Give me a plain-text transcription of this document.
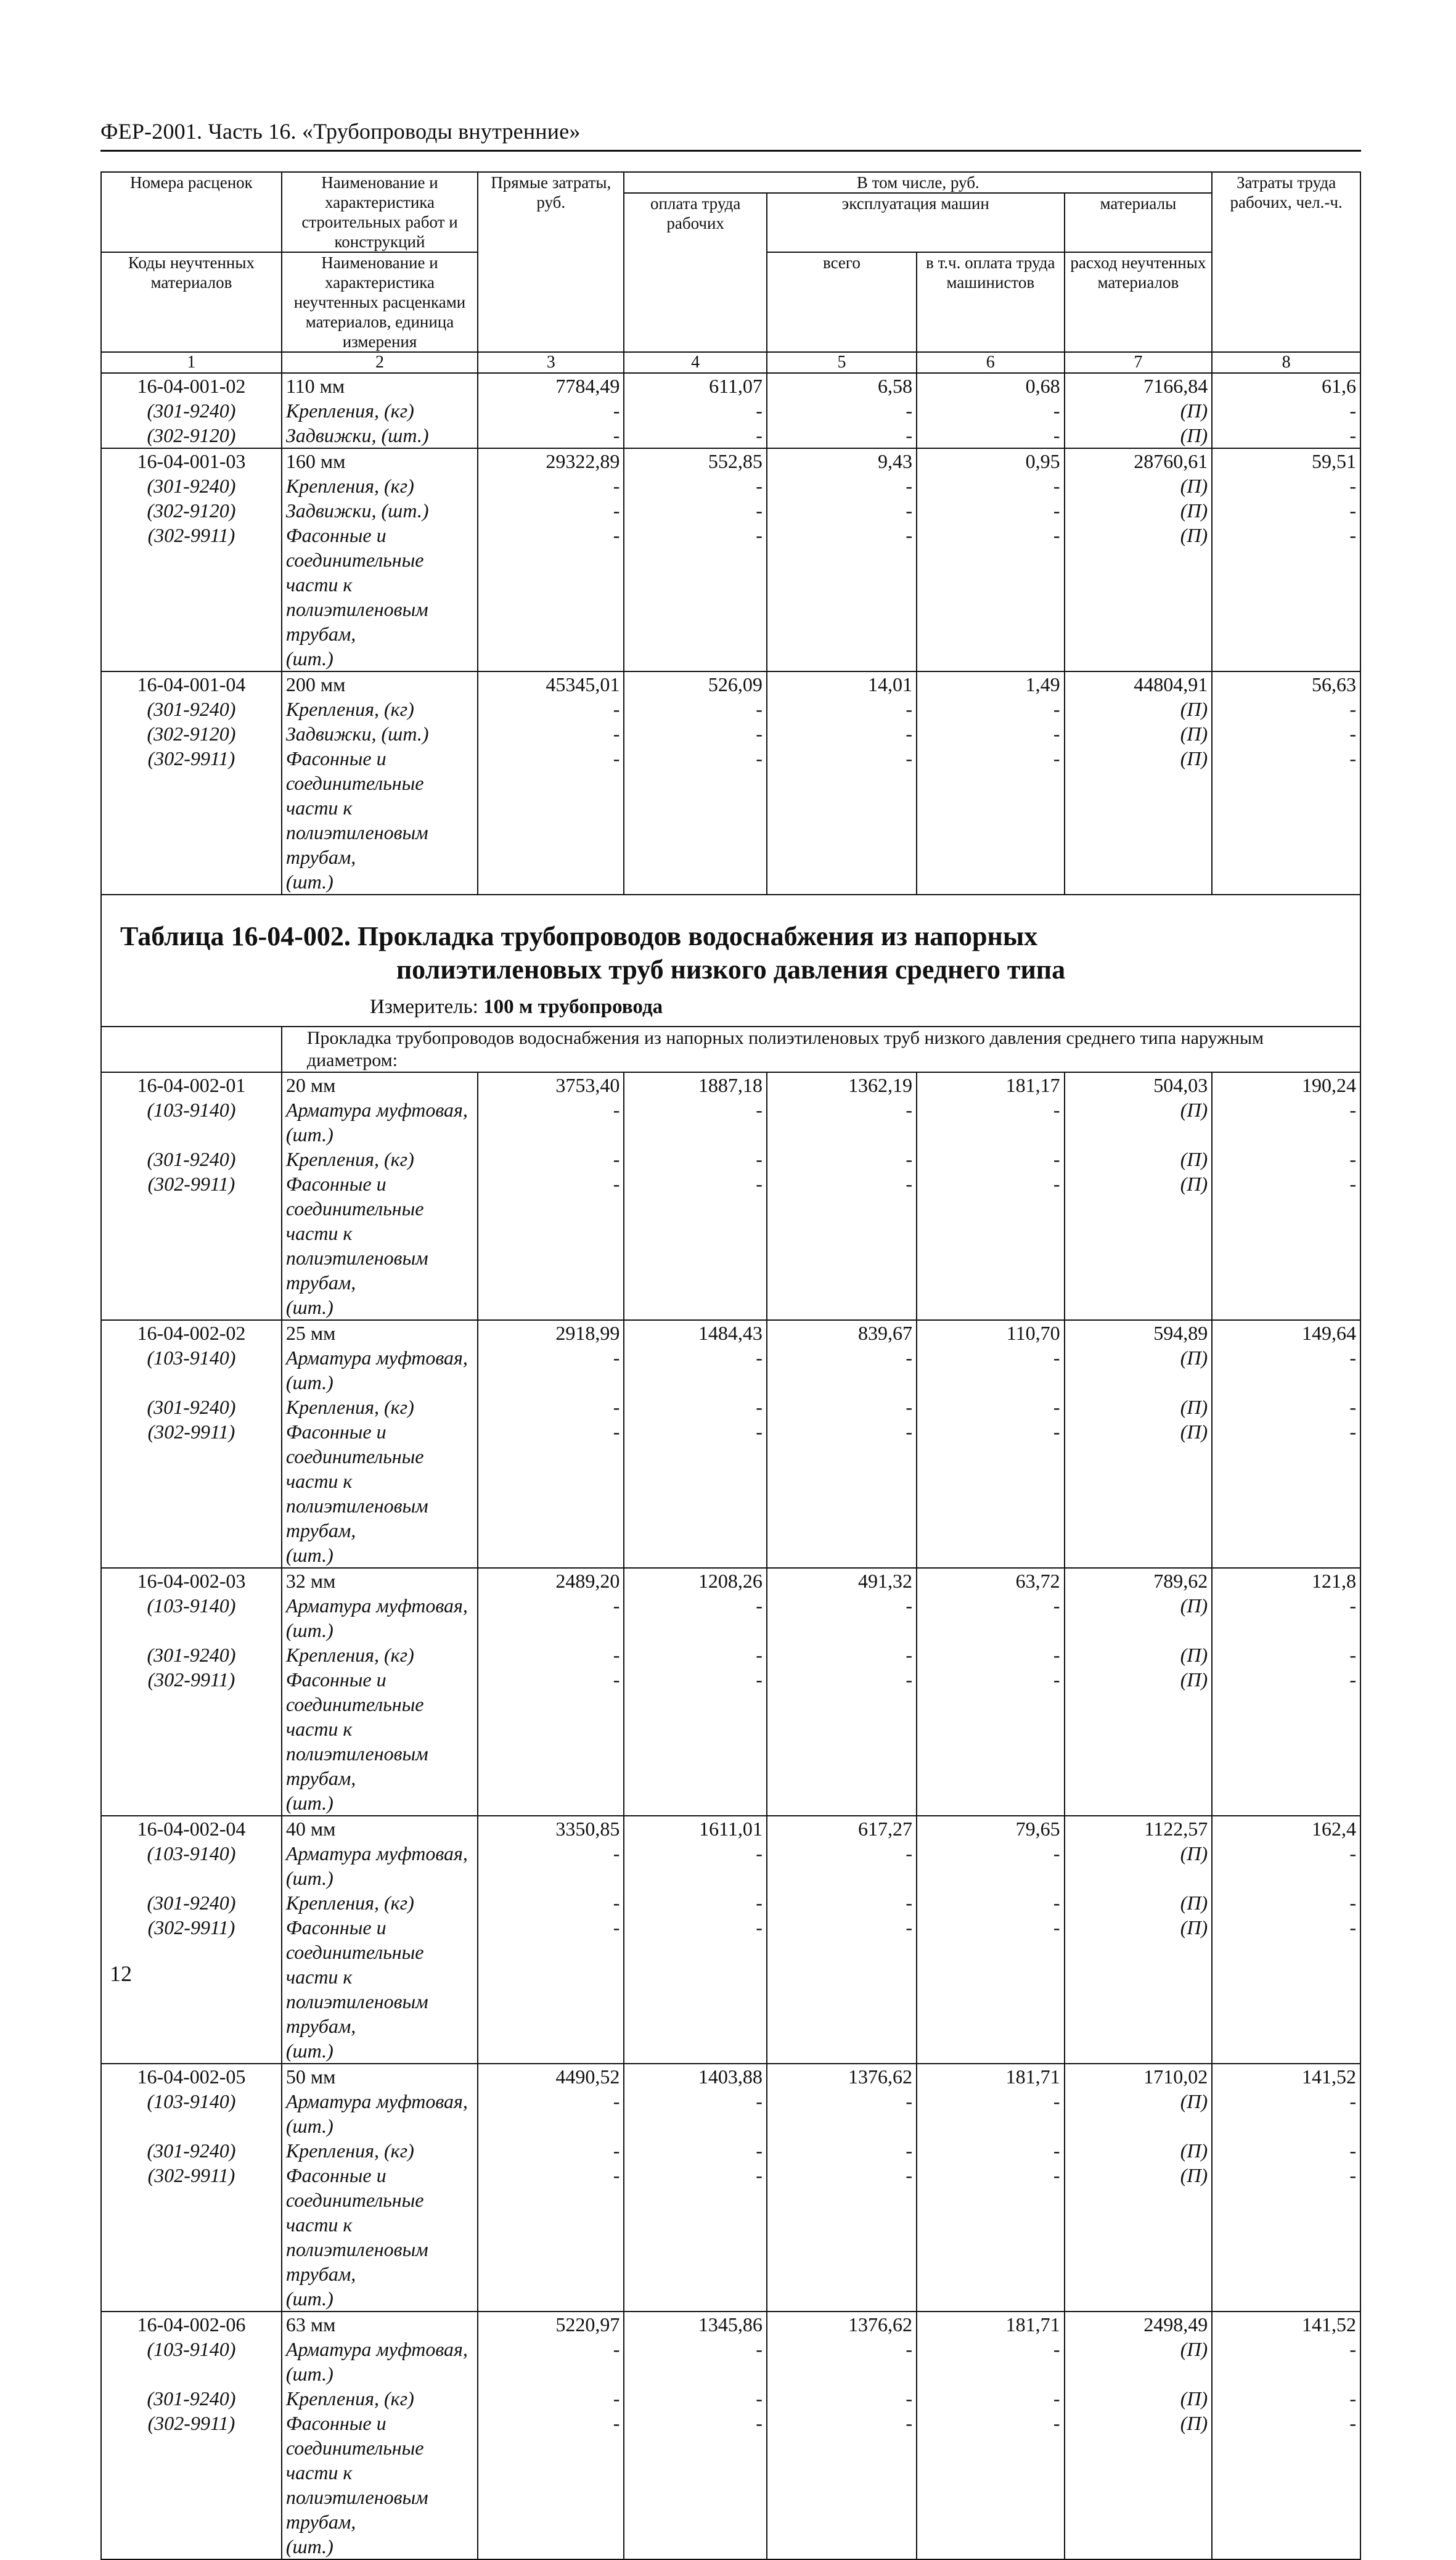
ФЕР-2001. Часть 16. «Трубопроводы внутренние»
Номера расценок	Наименование и характеристика строительных работ и конструкций	Прямые затраты, руб.	В том числе, руб.				Затраты труда рабочих, чел.-ч.
			оплата труда рабочих	эксплуатация машин		материалы	
Коды неучтенных материалов	Наименование и характеристика неучтенных расценками материалов, единица измерения			всего	в т.ч. оплата труда машинистов	расход неучтенных материалов	

1	2	3	4	5	6	7	8
16-04-001-02	110 мм	7784,49	611,07	6,58	0,68	7166,84	61,6
(301-9240)	Крепления, (кг)	-	-	-	-	(П)	-
(302-9120)	Задвижки, (шт.)	-	-	-	-	(П)	-
16-04-001-03	160 мм	29322,89	552,85	9,43	0,95	28760,61	59,51
(301-9240)	Крепления, (кг)	-	-	-	-	(П)	-
(302-9120)	Задвижки, (шт.)	-	-	-	-	(П)	-
(302-9911)	Фасонные и соединительные	-	-	-	-	(П)	-
	части к полиэтиленовым трубам,						
	(шт.)						
16-04-001-04	200 мм	45345,01	526,09	14,01	1,49	44804,91	56,63
(301-9240)	Крепления, (кг)	-	-	-	-	(П)	-
(302-9120)	Задвижки, (шт.)	-	-	-	-	(П)	-
(302-9911)	Фасонные и соединительные	-	-	-	-	(П)	-
	части к полиэтиленовым трубам,						
	(шт.)						

Таблица 16-04-002. Прокладка трубопроводов водоснабжения из напорных
полиэтиленовых труб низкого давления среднего типа
Измеритель: 100 м трубопровода							

	Прокладка трубопроводов водоснабжения из напорных полиэтиленовых труб низкого давления среднего типа наружным диаметром:						
16-04-002-01	20 мм	3753,40	1887,18	1362,19	181,17	504,03	190,24
(103-9140)	Арматура муфтовая, (шт.)	-	-	-	-	(П)	-
(301-9240)	Крепления, (кг)	-	-	-	-	(П)	-
(302-9911)	Фасонные и соединительные	-	-	-	-	(П)	-
	части к полиэтиленовым трубам,						
	(шт.)						
16-04-002-02	25 мм	2918,99	1484,43	839,67	110,70	594,89	149,64
(103-9140)	Арматура муфтовая, (шт.)	-	-	-	-	(П)	-
(301-9240)	Крепления, (кг)	-	-	-	-	(П)	-
(302-9911)	Фасонные и соединительные	-	-	-	-	(П)	-
	части к полиэтиленовым трубам,						
	(шт.)						
16-04-002-03	32 мм	2489,20	1208,26	491,32	63,72	789,62	121,8
(103-9140)	Арматура муфтовая, (шт.)	-	-	-	-	(П)	-
(301-9240)	Крепления, (кг)	-	-	-	-	(П)	-
(302-9911)	Фасонные и соединительные	-	-	-	-	(П)	-
	части к полиэтиленовым трубам,						
	(шт.)						
16-04-002-04	40 мм	3350,85	1611,01	617,27	79,65	1122,57	162,4
(103-9140)	Арматура муфтовая, (шт.)	-	-	-	-	(П)	-
(301-9240)	Крепления, (кг)	-	-	-	-	(П)	-
(302-9911)	Фасонные и соединительные	-	-	-	-	(П)	-
	части к полиэтиленовым трубам,						
	(шт.)						
16-04-002-05	50 мм	4490,52	1403,88	1376,62	181,71	1710,02	141,52
(103-9140)	Арматура муфтовая, (шт.)	-	-	-	-	(П)	-
(301-9240)	Крепления, (кг)	-	-	-	-	(П)	-
(302-9911)	Фасонные и соединительные	-	-	-	-	(П)	-
	части к полиэтиленовым трубам,						
	(шт.)						
16-04-002-06	63 мм	5220,97	1345,86	1376,62	181,71	2498,49	141,52
(103-9140)	Арматура муфтовая, (шт.)	-	-	-	-	(П)	-
(301-9240)	Крепления, (кг)	-	-	-	-	(П)	-
(302-9911)	Фасонные и соединительные	-	-	-	-	(П)	-
	части к полиэтиленовым трубам,						
	(шт.)						
12
